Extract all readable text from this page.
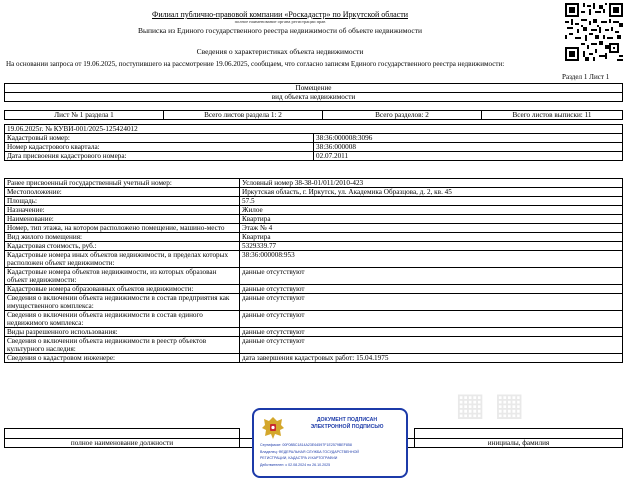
▦ ▦
Филиал публично-правовой компании «Роскадастр» по Иркутской области
полное наименование органа регистрации прав
Выписка из Единого государственного реестра недвижимости об объекте недвижимости
Сведения о характеристиках объекта недвижимости
На основании запроса от 19.06.2025, поступившего на рассмотрение 19.06.2025, сообщаем, что согласно записям Единого государственного реестра недвижимости:
Раздел 1 Лист 1
Помещение
вид объекта недвижимости
Лист № 1 раздела 1	Всего листов раздела 1: 2	Всего разделов: 2	Всего листов выписки: 11
19.06.2025г. № КУВИ-001/2025-125424012	
Кадастровый номер:	38:36:000008:3096
Номер кадастрового квартала:	38:36:000008
Дата присвоения кадастрового номера:	02.07.2011
Ранее присвоенный государственный учетный номер:	Условный номер 38-38-01/011/2010-423
Местоположение:	Иркутская область, г. Иркутск, ул. Академика Образцова, д. 2, кв. 45
Площадь:	57.5
Назначение:	Жилое
Наименование:	Квартира
Номер, тип этажа, на котором расположено помещение, машино-место	Этаж № 4
Вид жилого помещения:	Квартира
Кадастровая стоимость, руб.:	5329339.77
Кадастровые номера иных объектов недвижимости, в пределах которых расположен объект недвижимости:	38:36:000008:953
Кадастровые номера объектов недвижимости, из которых образован объект недвижимости:	данные отсутствуют
Кадастровые номера образованных объектов недвижимости:	данные отсутствуют
Сведения о включении объекта недвижимости в состав предприятия как имущественного комплекса:	данные отсутствуют
Сведения о включении объекта недвижимости в состав единого недвижимого комплекса:	данные отсутствуют
Виды разрешенного использования:	данные отсутствуют
Сведения о включении объекта недвижимости в реестр объектов культурного наследия:	данные отсутствуют
Сведения о кадастровом инженере:	дата завершения кадастровых работ: 15.04.1975

полное наименование должности		инициалы, фамилия
ДОКУМЕНТ ПОДПИСАН
ЭЛЕКТРОННОЙ ПОДПИСЬЮ
Сертификат: 00F08BC1814A23E64597F1E2579BEF858
Владелец: ФЕДЕРАЛЬНАЯ СЛУЖБА ГОСУДАРСТВЕННОЙ
РЕГИСТРАЦИИ, КАДАСТРА И КАРТОГРАФИИ
Действителен: с 02.08.2024 по 26.10.2025
